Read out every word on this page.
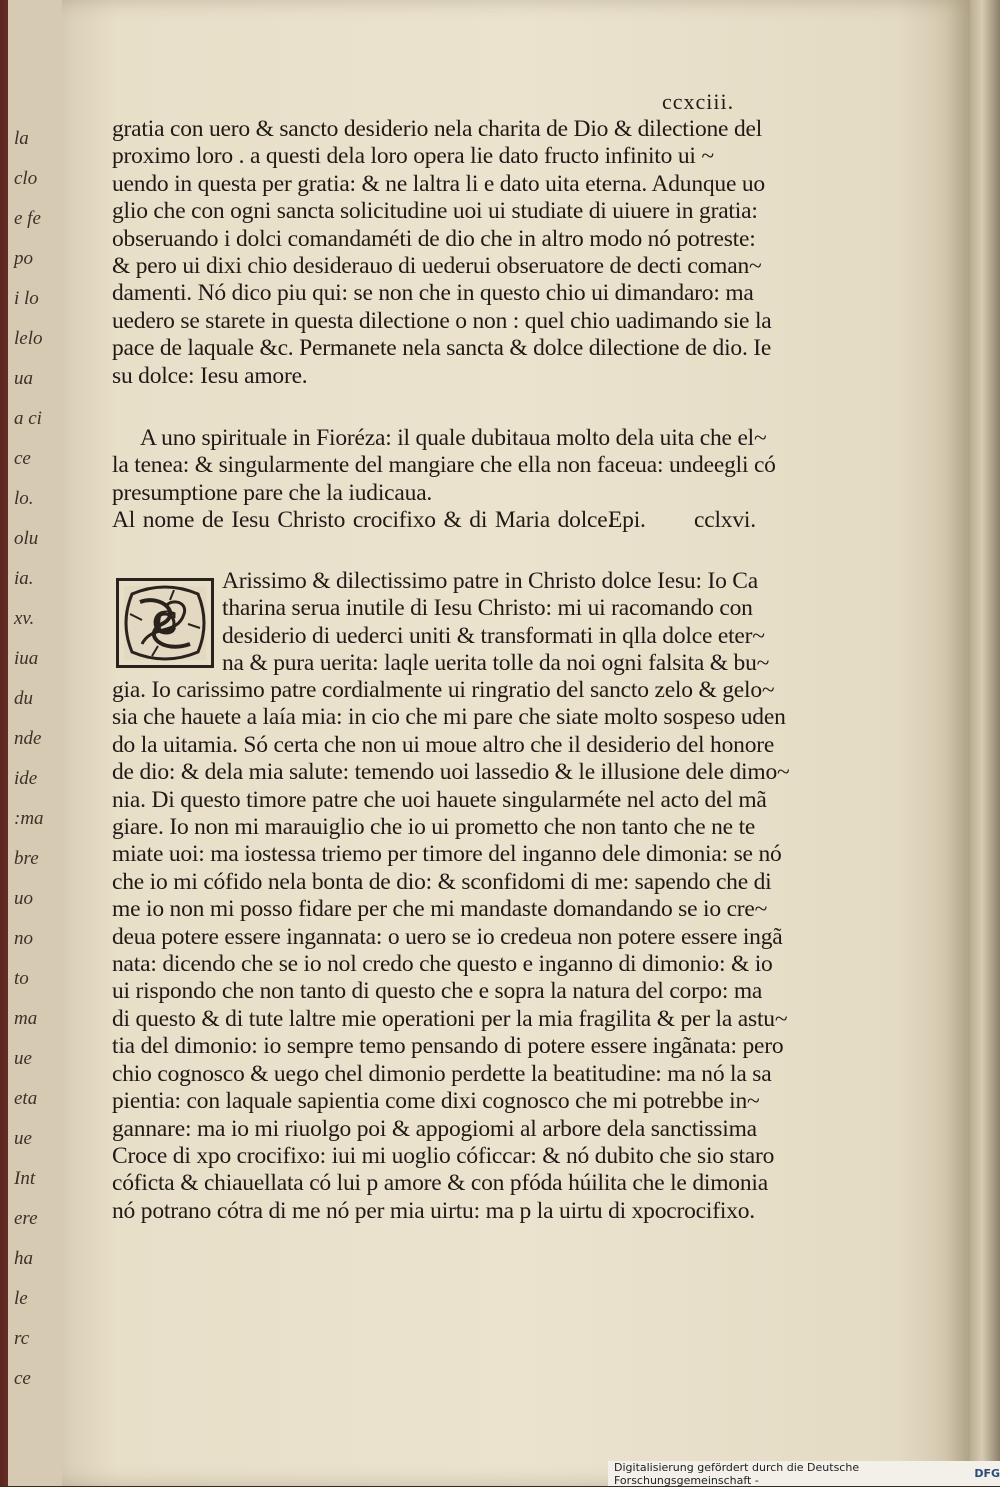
la
clo
e fe
po
i lo
lelo
ua
a ci
ce
lo.
olu
ia.
xv.
iua
du
nde
ide
:ma
bre
uo
no
to
ma
ue
eta
ue
Int
ere
ha
le
rc
ce
ccxciii.
gratia con uero & sancto desiderio nela charita de Dio & dilectione del
proximo loro . a questi dela loro opera lie dato fructo infinito ui ~
uendo in questa per gratia: & ne laltra li e dato uita eterna. Adunque uo
glio che con ogni sancta solicitudine uoi ui studiate di uiuere in gratia:
obseruando i dolci comandaméti de dio che in altro modo nó potreste:
& pero ui dixi chio desiderauo di uederui obseruatore de decti coman~
damenti. Nó dico piu qui: se non che in questo chio ui dimandaro: ma
uedero se starete in questa dilectione o non : quel chio uadimando sie la
pace de laquale &c. Permanete nela sancta & dolce dilectione de dio. Ie
su dolce: Iesu amore.
A uno spirituale in Fioréza: il quale dubitaua molto dela uita che el~
la tenea: & singularmente del mangiare che ella non faceua: undeegli có
presumptione pare che la iudicaua.
Al nome de Iesu Christo crocifixo & di Maria dolce.
Epi. cclxvi.
C
Arissimo & dilectissimo patre in Christo dolce Iesu: Io Ca
tharina serua inutile di Iesu Christo: mi ui racomando con
desiderio di uederci uniti & transformati in qlla dolce eter~
na & pura uerita: laqle uerita tolle da noi ogni falsita & bu~
gia. Io carissimo patre cordialmente ui ringratio del sancto zelo & gelo~
sia che hauete a laía mia: in cio che mi pare che siate molto sospeso uden
do la uitamia. Só certa che non ui moue altro che il desiderio del honore
de dio: & dela mia salute: temendo uoi lassedio & le illusione dele dimo~
nia. Di questo timore patre che uoi hauete singularméte nel acto del mã
giare. Io non mi marauiglio che io ui prometto che non tanto che ne te
miate uoi: ma iostessa triemo per timore del inganno dele dimonia: se nó
che io mi cófido nela bonta de dio: & sconfidomi di me: sapendo che di
me io non mi posso fidare per che mi mandaste domandando se io cre~
deua potere essere ingannata: o uero se io credeua non potere essere ingã
nata: dicendo che se io nol credo che questo e inganno di dimonio: & io
ui rispondo che non tanto di questo che e sopra la natura del corpo: ma
di questo & di tute laltre mie operationi per la mia fragilita & per la astu~
tia del dimonio: io sempre temo pensando di potere essere ingãnata: pero
chio cognosco & uego chel dimonio perdette la beatitudine: ma nó la sa
pientia: con laquale sapientia come dixi cognosco che mi potrebbe in~
gannare: ma io mi riuolgo poi & appogiomi al arbore dela sanctissima
Croce di xpo crocifixo: iui mi uoglio cóficcar: & nó dubito che sio staro
cóficta & chiauellata có lui p amore & con pfóda húilita che le dimonia
nó potrano cótra di me nó per mia uirtu: ma p la uirtu di xpocrocifixo.
Digitalisierung gefördert durch die Deutsche Forschungsgemeinschaft -	DFG
